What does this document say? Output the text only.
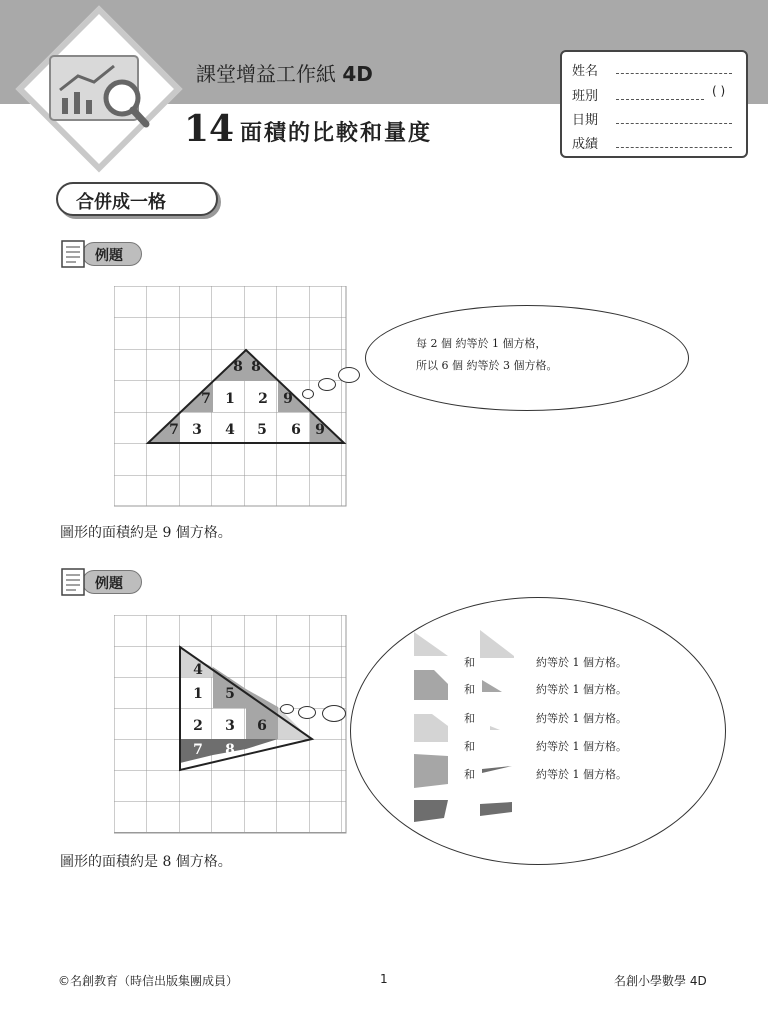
課堂增益工作紙 4D
14 面積的比較和量度
姓名
班別	( )
日期
成績
合併成一格
例題
8 8
7	1	2	9
7 3	4	5	6	9
每 2 個 約等於 1 個方格，
所以 6 個 約等於 3 個方格。
圖形的面積約是 9 個方格。
例題
4
1	5
2	3	6
7	8
和	約等於 1 個方格。
和	約等於 1 個方格。
和	約等於 1 個方格。
和	約等於 1 個方格。
和	約等於 1 個方格。
圖形的面積約是 8 個方格。
©名創教育（時信出版集團成員）	1	名創小學數學 4D
